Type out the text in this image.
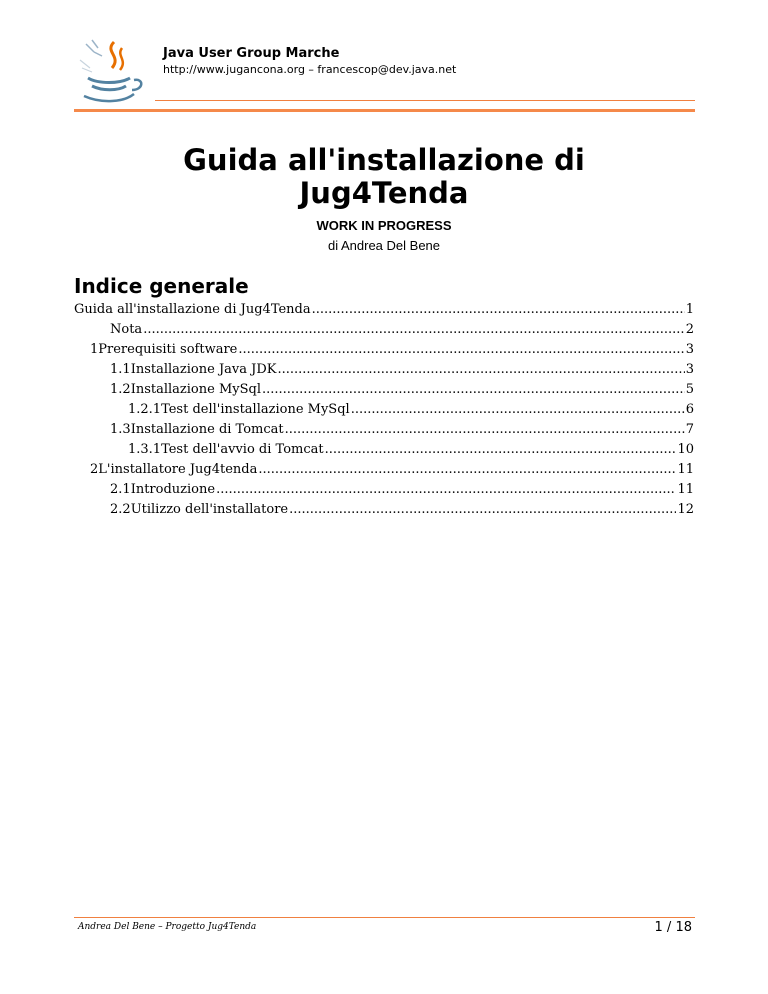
Java User Group Marche
http://www.jugancona.org – francescop@dev.java.net
Guida all'installazione di
Jug4Tenda
WORK IN PROGRESS
di Andrea Del Bene
Indice generale
Guida all'installazione di Jug4Tenda .....	1
Nota .....	2
1 Prerequisiti software .....	3
1.1 Installazione Java JDK .....	3
1.2 Installazione MySql .....	5
1.2.1 Test dell'installazione MySql .....	6
1.3 Installazione di Tomcat .....	7
1.3.1 Test dell'avvio di Tomcat .....	10
2 L'installatore Jug4tenda .....	11
2.1 Introduzione .....	11
2.2 Utilizzo dell'installatore .....	12
Andrea Del Bene – Progetto Jug4Tenda	1 / 18
